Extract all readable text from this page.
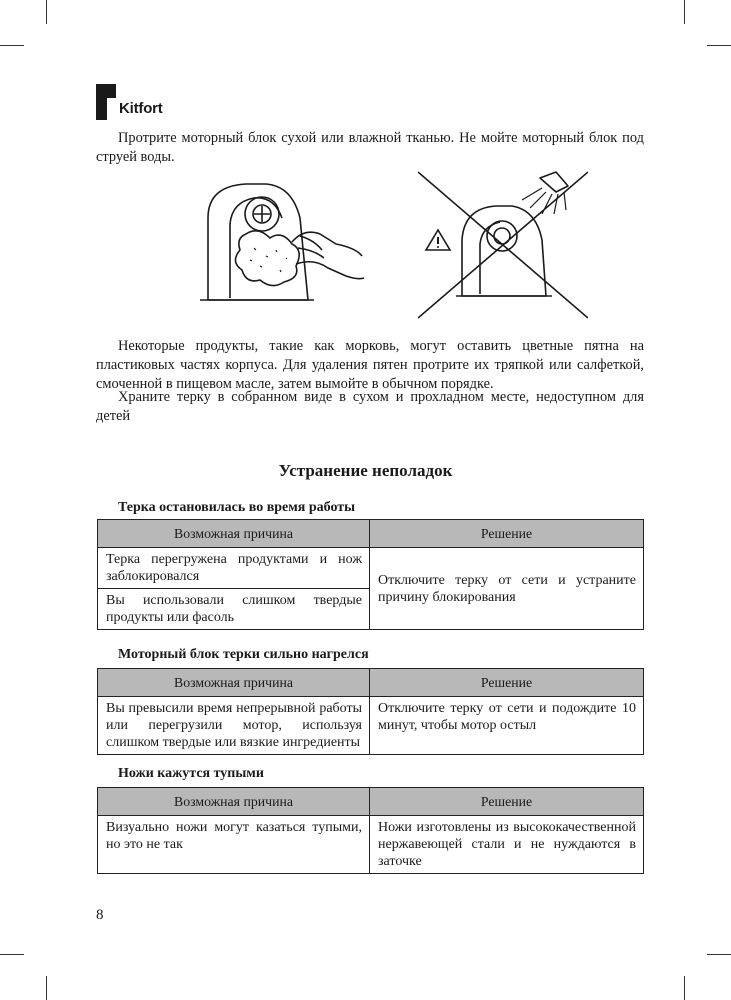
Kitfort
Протрите моторный блок сухой или влажной тканью. Не мойте моторный блок под струей воды.
Некоторые продукты, такие как морковь, могут оставить цветные пятна на пластиковых частях корпуса. Для удаления пятен протрите их тряпкой или салфеткой, смоченной в пищевом масле, затем вымойте в обычном порядке.
Храните терку в собранном виде в сухом и прохладном месте, недоступном для детей
Устранение неполадок
Терка остановилась во время работы
Возможная причина	Решение
Терка перегружена продуктами и нож заблокировался	Отключите терку от сети и устраните причину блокирования
Вы использовали слишком твердые продукты или фасоль	
Моторный блок терки сильно нагрелся
Возможная причина	Решение
Вы превысили время непрерывной работы или перегрузили мотор, используя слишком твердые или вязкие ингредиенты	Отключите терку от сети и подождите 10 минут, чтобы мотор остыл
Ножи кажутся тупыми
Возможная причина	Решение
Визуально ножи могут казаться тупыми, но это не так	Ножи изготовлены из высококачественной нержавеющей стали и не нуждаются в заточке
8
